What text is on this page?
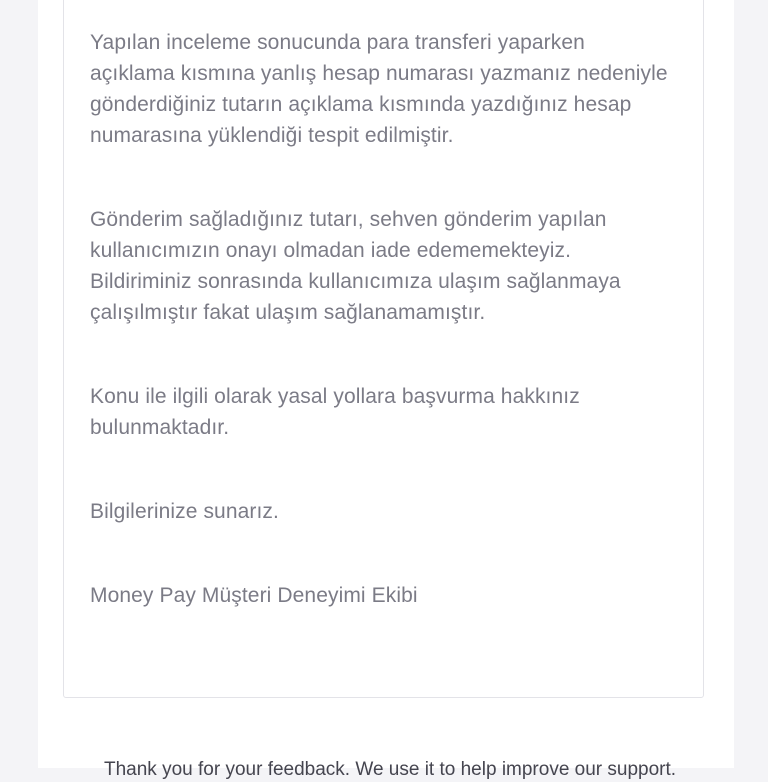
Yapılan inceleme sonucunda para transferi yaparken açıklama kısmına yanlış hesap numarası yazmanız nedeniyle gönderdiğiniz tutarın açıklama kısmında yazdığınız hesap numarasına yüklendiği tespit edilmiştir.

Gönderim sağladığınız tutarı, sehven gönderim yapılan kullanıcımızın onayı olmadan iade edememekteyiz. Bildiriminiz sonrasında kullanıcımıza ulaşım sağlanmaya çalışılmıştır fakat ulaşım sağlanamamıştır.

Konu ile ilgili olarak yasal yollara başvurma hakkınız bulunmaktadır.

Bilgilerinize sunarız.

Money Pay Müşteri Deneyimi Ekibi

Thank you for your feedback. We use it to help improve our support.
